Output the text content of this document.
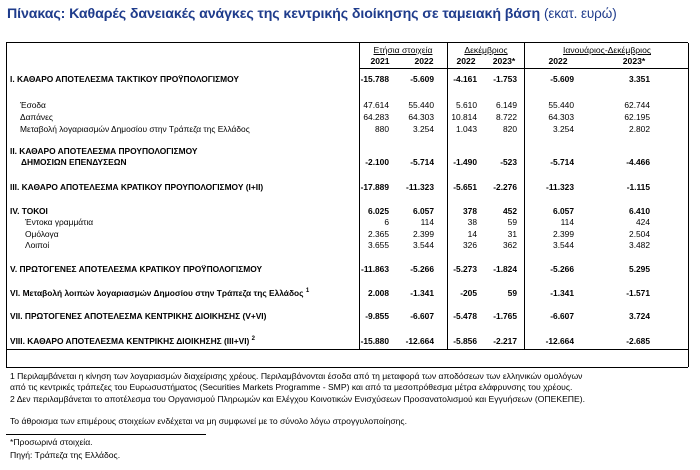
Πίνακας: Καθαρές δανειακές ανάγκες της κεντρικής διοίκησης σε ταμειακή βάση (εκατ. ευρώ)
Ετήσια στοιχεία	Δεκέμβριος	Ιανουάριος-Δεκέμβριος
2021	2022	2022	2023*	2022	2023*
I. ΚΑΘΑΡΟ ΑΠΟΤΕΛΕΣΜΑ ΤΑΚΤΙΚΟΥ ΠΡΟΫΠΟΛΟΓΙΣΜΟΥ	-15.788	-5.609	-4.161	-1.753	-5.609	3.351
Έσοδα	47.614	55.440	5.610	6.149	55.440	62.744
Δαπάνες	64.283	64.303	10.814	8.722	64.303	62.195
Μεταβολή λογαριασμών Δημοσίου στην Τράπεζα της Ελλάδος	880	3.254	1.043	820	3.254	2.802
II. ΚΑΘΑΡΟ ΑΠΟΤΕΛΕΣΜΑ ΠΡΟΥΠΟΛΟΓΙΣΜΟΥ
ΔΗΜΟΣΙΩΝ ΕΠΕΝΔΥΣΕΩΝ	-2.100	-5.714	-1.490	-523	-5.714	-4.466
III. ΚΑΘΑΡΟ ΑΠΟΤΕΛΕΣΜΑ ΚΡΑΤΙΚΟΥ ΠΡΟΥΠΟΛΟΓΙΣΜΟΥ (I+II)	-17.889	-11.323	-5.651	-2.276	-11.323	-1.115
IV. ΤΟΚΟΙ	6.025	6.057	378	452	6.057	6.410
Έντοκα γραμμάτια	6	114	38	59	114	424
Ομόλογα	2.365	2.399	14	31	2.399	2.504
Λοιποί	3.655	3.544	326	362	3.544	3.482
V. ΠΡΩΤΟΓΕΝΕΣ ΑΠΟΤΕΛΕΣΜΑ ΚΡΑΤΙΚΟΥ ΠΡΟΫΠΟΛΟΓΙΣΜΟΥ	-11.863	-5.266	-5.273	-1.824	-5.266	5.295
VI. Μεταβολή λοιπών λογαριασμών Δημοσίου στην Τράπεζα της Ελλάδος $^1$	2.008	-1.341	-205	59	-1.341	-1.571
VII. ΠΡΩΤΟΓΕΝΕΣ ΑΠΟΤΕΛΕΣΜΑ ΚΕΝΤΡΙΚΗΣ ΔΙΟΙΚΗΣΗΣ (V+VI)	-9.855	-6.607	-5.478	-1.765	-6.607	3.724
VIII. ΚΑΘΑΡΟ ΑΠΟΤΕΛΕΣΜΑ ΚΕΝΤΡΙΚΗΣ ΔΙΟΙΚΗΣΗΣ (III+VI) $^2$	-15.880	-12.664	-5.856	-2.217	-12.664	-2.685
1 Περιλαμβάνεται η κίνηση των λογαριασμών διαχείρισης χρέους. Περιλαμβάνονται έσοδα από τη μεταφορά των αποδόσεων των ελληνικών ομολόγων
από τις κεντρικές τράπεζες του Ευρωσυστήματος (Securities Markets Programme - SMP) και από τα μεσοπρόθεσμα μέτρα ελάφρυνσης του χρέους.
2 Δεν περιλαμβάνεται το αποτέλεσμα του Οργανισμού Πληρωμών και Ελέγχου Κοινοτικών Ενισχύσεων Προσανατολισμού και Εγγυήσεων (ΟΠΕΚΕΠΕ).
Το άθροισμα των επιμέρους στοιχείων ενδέχεται να μη συμφωνεί με το σύνολο λόγω στρογγυλοποίησης.
*Προσωρινά στοιχεία.
Πηγή: Τράπεζα της Ελλάδος.
